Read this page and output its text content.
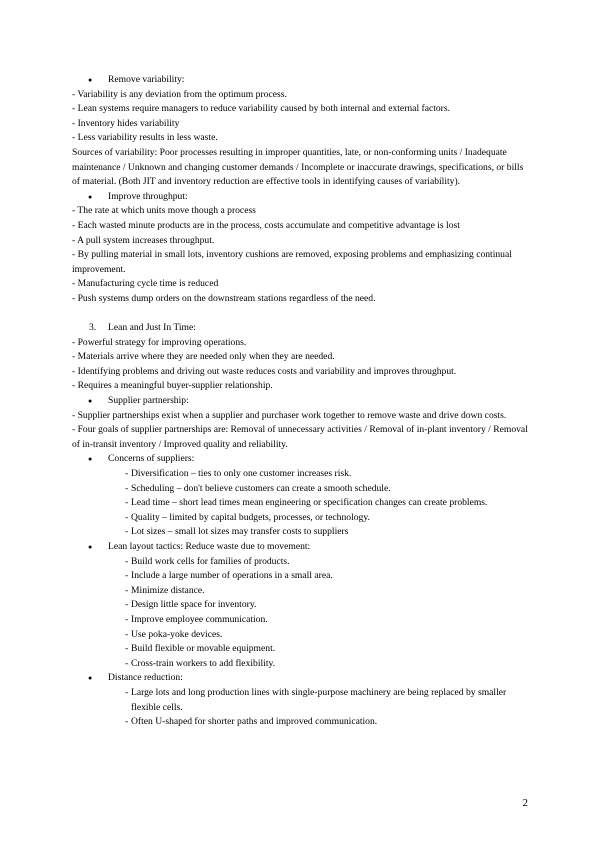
● Remove variability:

- Variability is any deviation from the optimum process.

- Lean systems require managers to reduce variability caused by both internal and external factors.

- Inventory hides variability

- Less variability results in less waste.

Sources of variability: Poor processes resulting in improper quantities, late, or non-conforming units / Inadequate maintenance / Unknown and changing customer demands / Incomplete or inaccurate drawings, specifications, or bills of material. (Both JIT and inventory reduction are effective tools in identifying causes of variability).

● Improve throughput:

- The rate at which units move though a process

- Each wasted minute products are in the process, costs accumulate and competitive advantage is lost

- A pull system increases throughput.

- By pulling material in small lots, inventory cushions are removed, exposing problems and emphasizing continual improvement.

- Manufacturing cycle time is reduced

- Push systems dump orders on the downstream stations regardless of the need.

3. Lean and Just In Time:

- Powerful strategy for improving operations.

- Materials arrive where they are needed only when they are needed.

- Identifying problems and driving out waste reduces costs and variability and improves throughput.

- Requires a meaningful buyer-supplier relationship.

● Supplier partnership:

- Supplier partnerships exist when a supplier and purchaser work together to remove waste and drive down costs.

- Four goals of supplier partnerships are: Removal of unnecessary activities / Removal of in-plant inventory / Removal of in-transit inventory / Improved quality and reliability.

● Concerns of suppliers:

- Diversification – ties to only one customer increases risk.

- Scheduling – don't believe customers can create a smooth schedule.

- Lead time – short lead times mean engineering or specification changes can create problems.

- Quality – limited by capital budgets, processes, or technology.

- Lot sizes – small lot sizes may transfer costs to suppliers

● Lean layout tactics: Reduce waste due to movement:

- Build work cells for families of products.

- Include a large number of operations in a small area.

- Minimize distance.

- Design little space for inventory.

- Improve employee communication.

- Use poka-yoke devices.

- Build flexible or movable equipment.

- Cross-train workers to add flexibility.

● Distance reduction:

- Large lots and long production lines with single-purpose machinery are being replaced by smaller flexible cells.

- Often U-shaped for shorter paths and improved communication.

2
